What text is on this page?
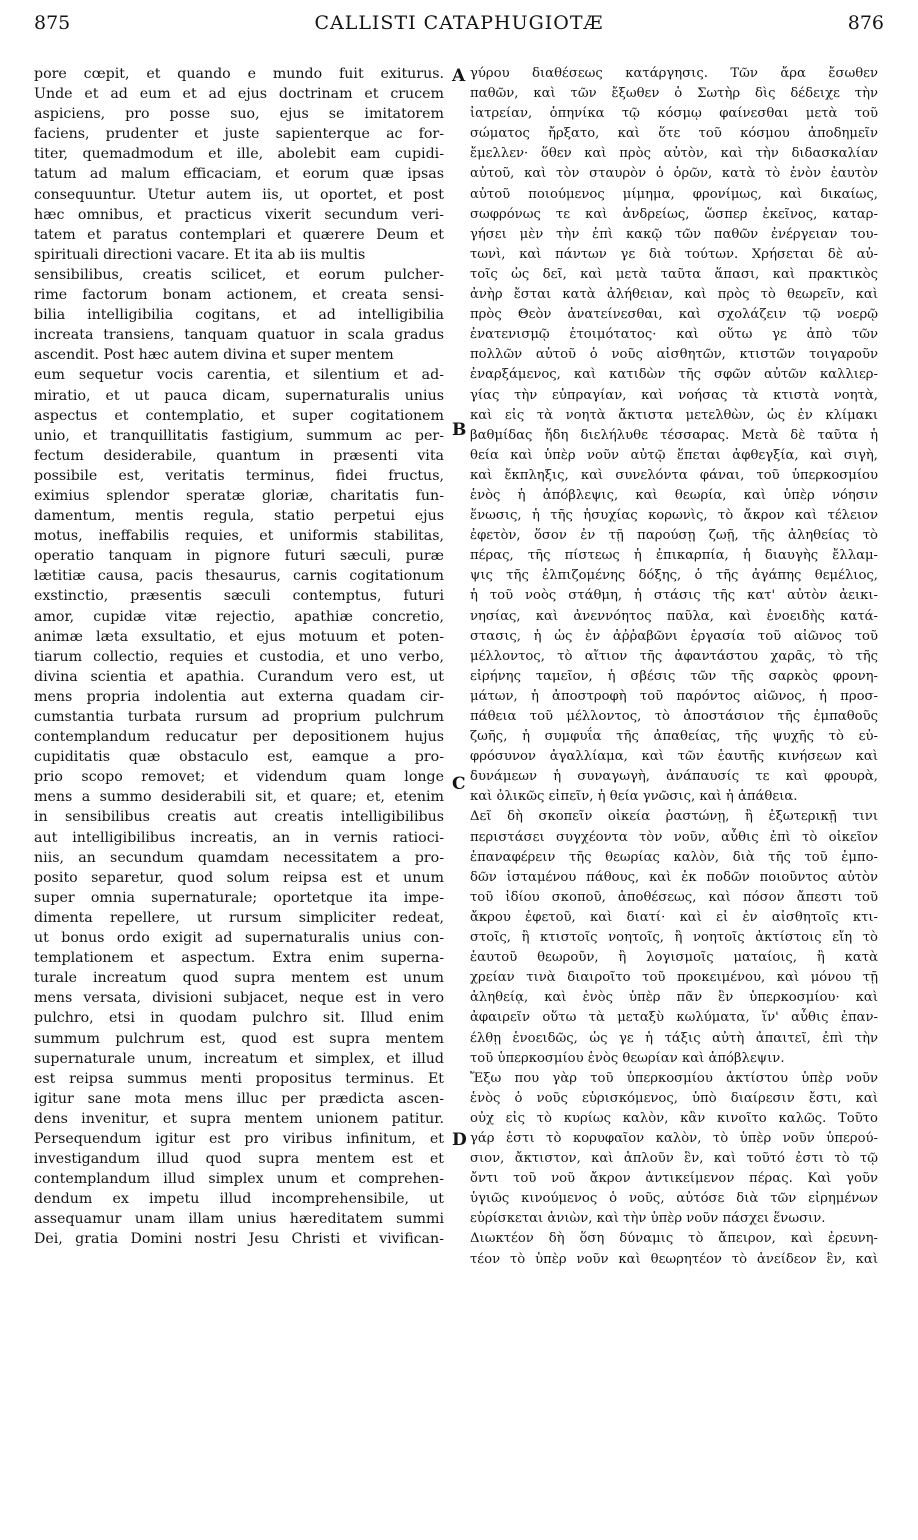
875	CALLISTI CATAPHUGIOTÆ	876
pore cœpit, et quando e mundo fuit exiturus.
Unde et ad eum et ad ejus doctrinam et crucem
aspiciens, pro posse suo, ejus se imitatorem
faciens, prudenter et juste sapienterque ac for-
titer, quemadmodum et ille, abolebit eam cupidi-
tatum ad malum efficaciam, et eorum quæ ipsas
consequuntur. Utetur autem iis, ut oportet, et post
hæc omnibus, et practicus vixerit secundum veri-
tatem et paratus contemplari et quærere Deum et
spirituali directioni vacare. Et ita ab iis multis
sensibilibus, creatis scilicet, et eorum pulcher-
rime factorum bonam actionem, et creata sensi-
bilia intelligibilia cogitans, et ad intelligibilia
increata transiens, tanquam quatuor in scala gradus
ascendit. Post hæc autem divina et super mentem
eum sequetur vocis carentia, et silentium et ad-
miratio, et ut pauca dicam, supernaturalis unius
aspectus et contemplatio, et super cogitationem
unio, et tranquillitatis fastigium, summum ac per-
fectum desiderabile, quantum in præsenti vita
possibile est, veritatis terminus, fidei fructus,
eximius splendor speratæ gloriæ, charitatis fun-
damentum, mentis regula, statio perpetui ejus
motus, ineffabilis requies, et uniformis stabilitas,
operatio tanquam in pignore futuri sæculi, puræ
lætitiæ causa, pacis thesaurus, carnis cogitationum
exstinctio, præsentis sæculi contemptus, futuri
amor, cupidæ vitæ rejectio, apathiæ concretio,
animæ læta exsultatio, et ejus motuum et poten-
tiarum collectio, requies et custodia, et uno verbo,
divina scientia et apathia. Curandum vero est, ut
mens propria indolentia aut externa quadam cir-
cumstantia turbata rursum ad proprium pulchrum
contemplandum reducatur per depositionem hujus
cupiditatis quæ obstaculo est, eamque a pro-
prio scopo removet; et videndum quam longe
mens a summo desiderabili sit, et quare; et, etenim
in sensibilibus creatis aut creatis intelligibilibus
aut intelligibilibus increatis, an in vernis ratioci-
niis, an secundum quamdam necessitatem a pro-
posito separetur, quod solum reipsa est et unum
super omnia supernaturale; oportetque ita impe-
dimenta repellere, ut rursum simpliciter redeat,
ut bonus ordo exigit ad supernaturalis unius con-
templationem et aspectum. Extra enim superna-
turale increatum quod supra mentem est unum
mens versata, divisioni subjacet, neque est in vero
pulchro, etsi in quodam pulchro sit. Illud enim
summum pulchrum est, quod est supra mentem
supernaturale unum, increatum et simplex, et illud
est reipsa summus menti propositus terminus. Et
igitur sane mota mens illuc per prædicta ascen-
dens invenitur, et supra mentem unionem patitur.
Persequendum igitur est pro viribus infinitum, et
investigandum illud quod supra mentem est et
contemplandum illud simplex unum et comprehen-
dendum ex impetu illud incomprehensibile, ut
assequamur unam illam unius hæreditatem summi
Dei, gratia Domini nostri Jesu Christi et vivifican-
γύρου διαθέσεως κατάργησις. Τῶν ἄρα ἔσωθεν
παθῶν, καὶ τῶν ἔξωθεν ὁ Σωτὴρ δὶς δέδειχε τὴν
ἰατρείαν, ὁπηνίκα τῷ κόσμῳ φαίνεσθαι μετὰ τοῦ
σώματος ἤρξατο, καὶ ὅτε τοῦ κόσμου ἀποδημεῖν
ἔμελλεν· ὅθεν καὶ πρὸς αὐτὸν, καὶ τὴν διδασκαλίαν
αὐτοῦ, καὶ τὸν σταυρὸν ὁ ὁρῶν, κατὰ τὸ ἐνὸν ἑαυτὸν
αὐτοῦ ποιούμενος μίμημα, φρονίμως, καὶ δικαίως,
σωφρόνως τε καὶ ἀνδρείως, ὥσπερ ἐκεῖνος, καταρ-
γήσει μὲν τὴν ἐπὶ κακῷ τῶν παθῶν ἐνέργειαν του-
τωνὶ, καὶ πάντων γε διὰ τούτων. Χρήσεται δὲ αὐ-
τοῖς ὡς δεῖ, καὶ μετὰ ταῦτα ἅπασι, καὶ πρακτικὸς
ἀνὴρ ἔσται κατὰ ἀλήθειαν, καὶ πρὸς τὸ θεωρεῖν, καὶ
πρὸς Θεὸν ἀνατείνεσθαι, καὶ σχολάζειν τῷ νοερῷ
ἐνατενισμῷ ἑτοιμότατος· καὶ οὕτω γε ἀπὸ τῶν
πολλῶν αὐτοῦ ὁ νοῦς αἰσθητῶν, κτιστῶν τοιγαροῦν
ἐναρξάμενος, καὶ κατιδὼν τῆς σφῶν αὐτῶν καλλιερ-
γίας τὴν εὐπραγίαν, καὶ νοήσας τὰ κτιστὰ νοητὰ,
καὶ εἰς τὰ νοητὰ ἄκτιστα μετελθὼν, ὡς ἐν κλίμακι
βαθμίδας ἤδη διελήλυθε τέσσαρας. Μετὰ δὲ ταῦτα ἡ
θεία καὶ ὑπὲρ νοῦν αὐτῷ ἕπεται ἀφθεγξία, καὶ σιγὴ,
καὶ ἔκπληξις, καὶ συνελόντα φάναι, τοῦ ὑπερκοσμίου
ἑνὸς ἡ ἀπόβλεψις, καὶ θεωρία, καὶ ὑπὲρ νόησιν
ἕνωσις, ἡ τῆς ἡσυχίας κορωνὶς, τὸ ἄκρον καὶ τέλειον
ἐφετὸν, ὅσον ἐν τῇ παρούσῃ ζωῇ, τῆς ἀληθείας τὸ
πέρας, τῆς πίστεως ἡ ἐπικαρπία, ἡ διαυγὴς ἔλλαμ-
ψις τῆς ἐλπιζομένης δόξης, ὁ τῆς ἀγάπης θεμέλιος,
ἡ τοῦ νοὸς στάθμη, ἡ στάσις τῆς κατ' αὐτὸν ἀεικι-
νησίας, καὶ ἀνεννόητος παῦλα, καὶ ἑνοειδὴς κατά-
στασις, ἡ ὡς ἐν ἀῤῥαβῶνι ἐργασία τοῦ αἰῶνος τοῦ
μέλλοντος, τὸ αἴτιον τῆς ἀφαντάστου χαρᾶς, τὸ τῆς
εἰρήνης ταμεῖον, ἡ σβέσις τῶν τῆς σαρκὸς φρονη-
μάτων, ἡ ἀποστροφὴ τοῦ παρόντος αἰῶνος, ἡ προσ-
πάθεια τοῦ μέλλοντος, τὸ ἀποστάσιον τῆς ἐμπαθοῦς
ζωῆς, ἡ συμφυΐα τῆς ἀπαθείας, τῆς ψυχῆς τὸ εὐ-
φρόσυνον ἀγαλλίαμα, καὶ τῶν ἑαυτῆς κινήσεων καὶ
δυνάμεων ἡ συναγωγὴ, ἀνάπαυσίς τε καὶ φρουρὰ,
καὶ ὀλικῶς εἰπεῖν, ἡ θεία γνῶσις, καὶ ἡ ἀπάθεια.
Δεῖ δὴ σκοπεῖν οἰκεία ῥαστώνῃ, ἢ ἐξωτερικῇ τινι
περιστάσει συγχέοντα τὸν νοῦν, αὖθις ἐπὶ τὸ οἰκεῖον
ἐπαναφέρειν τῆς θεωρίας καλὸν, διὰ τῆς τοῦ ἐμπο-
δῶν ἱσταμένου πάθους, καὶ ἐκ ποδῶν ποιοῦντος αὐτὸν
τοῦ ἰδίου σκοποῦ, ἀποθέσεως, καὶ πόσον ἄπεστι τοῦ
ἄκρου ἐφετοῦ, καὶ διατί· καὶ εἰ ἐν αἰσθητοῖς κτι-
στοῖς, ἢ κτιστοῖς νοητοῖς, ἢ νοητοῖς ἀκτίστοις εἴη τὸ
ἑαυτοῦ θεωροῦν, ἢ λογισμοῖς ματαίοις, ἢ κατὰ
χρείαν τινὰ διαιροῖτο τοῦ προκειμένου, καὶ μόνου τῇ
ἀληθείᾳ, καὶ ἑνὸς ὑπὲρ πᾶν ἓν ὑπερκοσμίου· καὶ
ἀφαιρεῖν οὕτω τὰ μεταξὺ κωλύματα, ἵν' αὖθις ἐπαν-
έλθῃ ἑνοειδῶς, ὡς γε ἡ τάξις αὐτὴ ἀπαιτεῖ, ἐπὶ τὴν
τοῦ ὑπερκοσμίου ἑνὸς θεωρίαν καὶ ἀπόβλεψιν.
Ἔξω που γὰρ τοῦ ὑπερκοσμίου ἀκτίστου ὑπὲρ νοῦν
ἑνὸς ὁ νοῦς εὑρισκόμενος, ὑπὸ διαίρεσιν ἔστι, καὶ
οὐχ εἰς τὸ κυρίως καλὸν, κἂν κινοῖτο καλῶς. Τοῦτο
γάρ ἐστι τὸ κορυφαῖον καλὸν, τὸ ὑπὲρ νοῦν ὑπερού-
σιον, ἄκτιστον, καὶ ἁπλοῦν ἓν, καὶ τοῦτό ἐστι τὸ τῷ
ὄντι τοῦ νοῦ ἄκρον ἀντικείμενον πέρας. Καὶ γοῦν
ὑγιῶς κινούμενος ὁ νοῦς, αὐτόσε διὰ τῶν εἰρημένων
εὑρίσκεται ἀνιὼν, καὶ τὴν ὑπὲρ νοῦν πάσχει ἕνωσιν.
Διωκτέον δὴ ὅση δύναμις τὸ ἄπειρον, καὶ ἐρευνη-
τέον τὸ ὑπὲρ νοῦν καὶ θεωρητέον τὸ ἀνείδεον ἓν, καὶ
A
B
C
D
